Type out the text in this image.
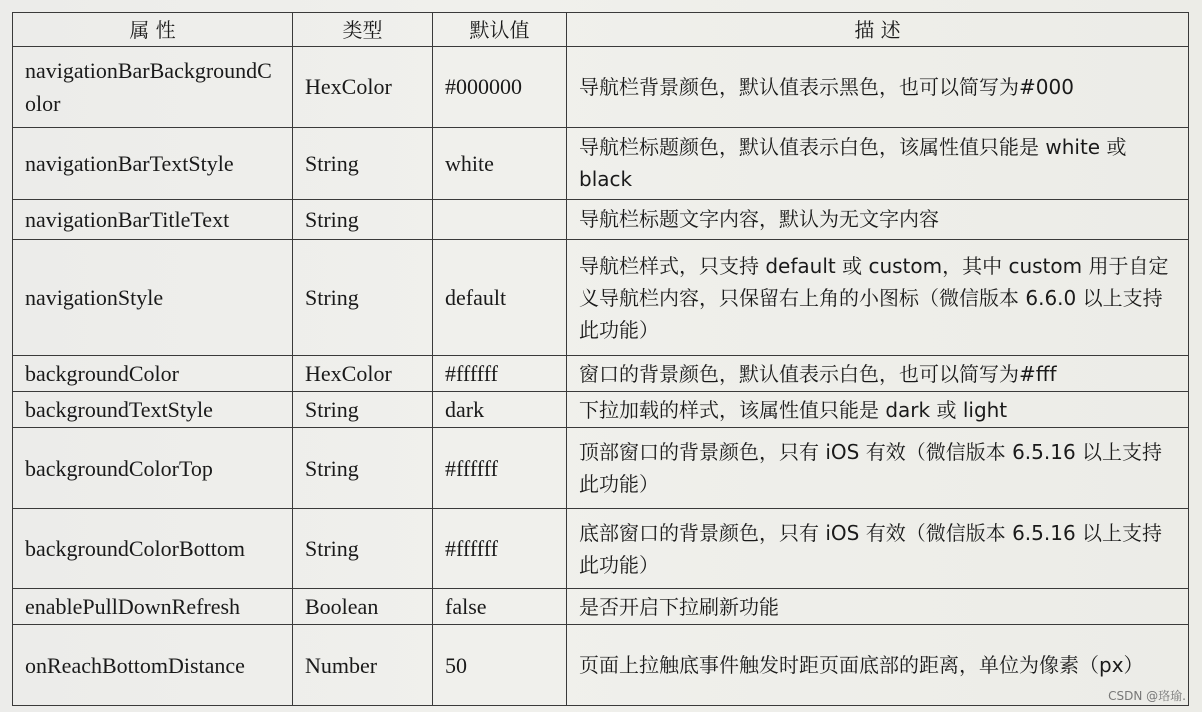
属 性	类型	默认值	描 述
navigationBarBackgroundColor	HexColor	#000000	导航栏背景颜色，默认值表示黑色，也可以简写为#000
navigationBarTextStyle	String	white	导航栏标题颜色，默认值表示白色，该属性值只能是 white 或 black
navigationBarTitleText	String		导航栏标题文字内容，默认为无文字内容
navigationStyle	String	default	导航栏样式，只支持 default 或 custom，其中 custom 用于自定义导航栏内容，只保留右上角的小图标（微信版本 6.6.0 以上支持此功能）
backgroundColor	HexColor	#ffffff	窗口的背景颜色，默认值表示白色，也可以简写为#fff
backgroundTextStyle	String	dark	下拉加载的样式，该属性值只能是 dark 或 light
backgroundColorTop	String	#ffffff	顶部窗口的背景颜色，只有 iOS 有效（微信版本 6.5.16 以上支持此功能）
backgroundColorBottom	String	#ffffff	底部窗口的背景颜色，只有 iOS 有效（微信版本 6.5.16 以上支持此功能）
enablePullDownRefresh	Boolean	false	是否开启下拉刷新功能
onReachBottomDistance	Number	50	页面上拉触底事件触发时距页面底部的距离，单位为像素（px）
CSDN @珞瑜.
